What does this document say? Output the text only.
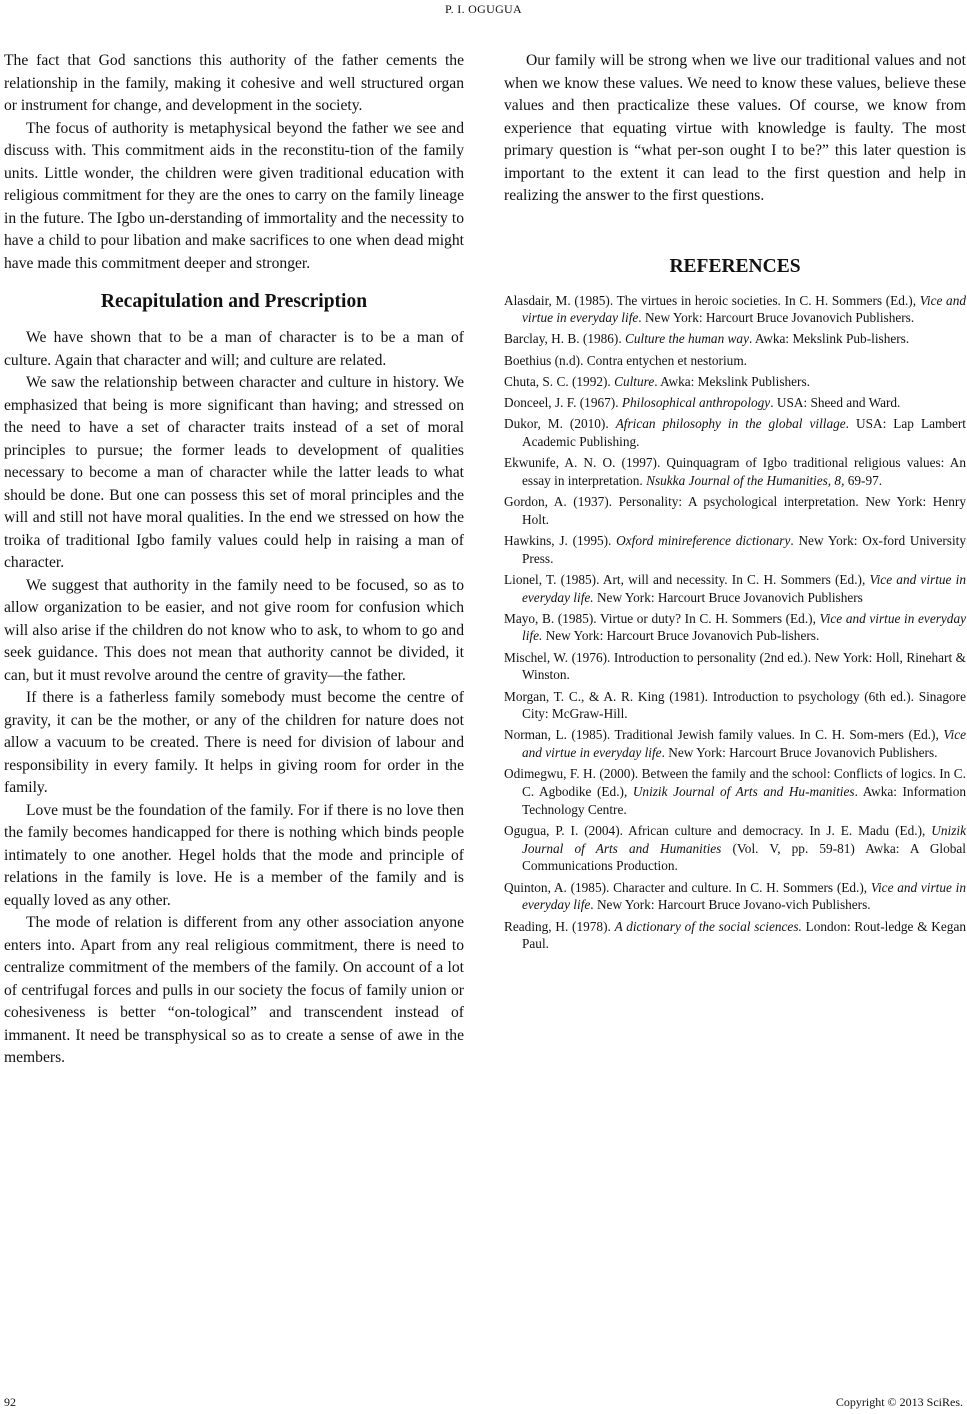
P. I. OGUGUA

The fact that God sanctions this authority of the father cements the relationship in the family, making it cohesive and well structured organ or instrument for change, and development in the society.

The focus of authority is metaphysical beyond the father we see and discuss with. This commitment aids in the reconstitu-tion of the family units. Little wonder, the children were given traditional education with religious commitment for they are the ones to carry on the family lineage in the future. The Igbo un-derstanding of immortality and the necessity to have a child to pour libation and make sacrifices to one when dead might have made this commitment deeper and stronger.

Recapitulation and Prescription

We have shown that to be a man of character is to be a man of culture. Again that character and will; and culture are related.

We saw the relationship between character and culture in history. We emphasized that being is more significant than having; and stressed on the need to have a set of character traits instead of a set of moral principles to pursue; the former leads to development of qualities necessary to become a man of character while the latter leads to what should be done. But one can possess this set of moral principles and the will and still not have moral qualities. In the end we stressed on how the troika of traditional Igbo family values could help in raising a man of character.

We suggest that authority in the family need to be focused, so as to allow organization to be easier, and not give room for confusion which will also arise if the children do not know who to ask, to whom to go and seek guidance. This does not mean that authority cannot be divided, it can, but it must revolve around the centre of gravity—the father.

If there is a fatherless family somebody must become the centre of gravity, it can be the mother, or any of the children for nature does not allow a vacuum to be created. There is need for division of labour and responsibility in every family. It helps in giving room for order in the family.

Love must be the foundation of the family. For if there is no love then the family becomes handicapped for there is nothing which binds people intimately to one another. Hegel holds that the mode and principle of relations in the family is love. He is a member of the family and is equally loved as any other.

The mode of relation is different from any other association anyone enters into. Apart from any real religious commitment, there is need to centralize commitment of the members of the family. On account of a lot of centrifugal forces and pulls in our society the focus of family union or cohesiveness is better “on-tological” and transcendent instead of immanent. It need be transphysical so as to create a sense of awe in the members.

Our family will be strong when we live our traditional values and not when we know these values. We need to know these values, believe these values and then practicalize these values. Of course, we know from experience that equating virtue with knowledge is faulty. The most primary question is “what per-son ought I to be?” this later question is important to the extent it can lead to the first question and help in realizing the answer to the first questions.

REFERENCES

Alasdair, M. (1985). The virtues in heroic societies. In C. H. Sommers (Ed.), Vice and virtue in everyday life. New York: Harcourt Bruce Jovanovich Publishers.

Barclay, H. B. (1986). Culture the human way. Awka: Mekslink Pub-lishers.

Boethius (n.d). Contra entychen et nestorium.

Chuta, S. C. (1992). Culture. Awka: Mekslink Publishers.

Donceel, J. F. (1967). Philosophical anthropology. USA: Sheed and Ward.

Dukor, M. (2010). African philosophy in the global village. USA: Lap Lambert Academic Publishing.

Ekwunife, A. N. O. (1997). Quinquagram of Igbo traditional religious values: An essay in interpretation. Nsukka Journal of the Humanities, 8, 69-97.

Gordon, A. (1937). Personality: A psychological interpretation. New York: Henry Holt.

Hawkins, J. (1995). Oxford minireference dictionary. New York: Ox-ford University Press.

Lionel, T. (1985). Art, will and necessity. In C. H. Sommers (Ed.), Vice and virtue in everyday life. New York: Harcourt Bruce Jovanovich Publishers

Mayo, B. (1985). Virtue or duty? In C. H. Sommers (Ed.), Vice and virtue in everyday life. New York: Harcourt Bruce Jovanovich Pub-lishers.

Mischel, W. (1976). Introduction to personality (2nd ed.). New York: Holl, Rinehart & Winston.

Morgan, T. C., & A. R. King (1981). Introduction to psychology (6th ed.). Sinagore City: McGraw-Hill.

Norman, L. (1985). Traditional Jewish family values. In C. H. Som-mers (Ed.), Vice and virtue in everyday life. New York: Harcourt Bruce Jovanovich Publishers.

Odimegwu, F. H. (2000). Between the family and the school: Conflicts of logics. In C. C. Agbodike (Ed.), Unizik Journal of Arts and Hu-manities. Awka: Information Technology Centre.

Ogugua, P. I. (2004). African culture and democracy. In J. E. Madu (Ed.), Unizik Journal of Arts and Humanities (Vol. V, pp. 59-81) Awka: A Global Communications Production.

Quinton, A. (1985). Character and culture. In C. H. Sommers (Ed.), Vice and virtue in everyday life. New York: Harcourt Bruce Jovano-vich Publishers.

Reading, H. (1978). A dictionary of the social sciences. London: Rout-ledge & Kegan Paul.

92	Copyright © 2013 SciRes.
